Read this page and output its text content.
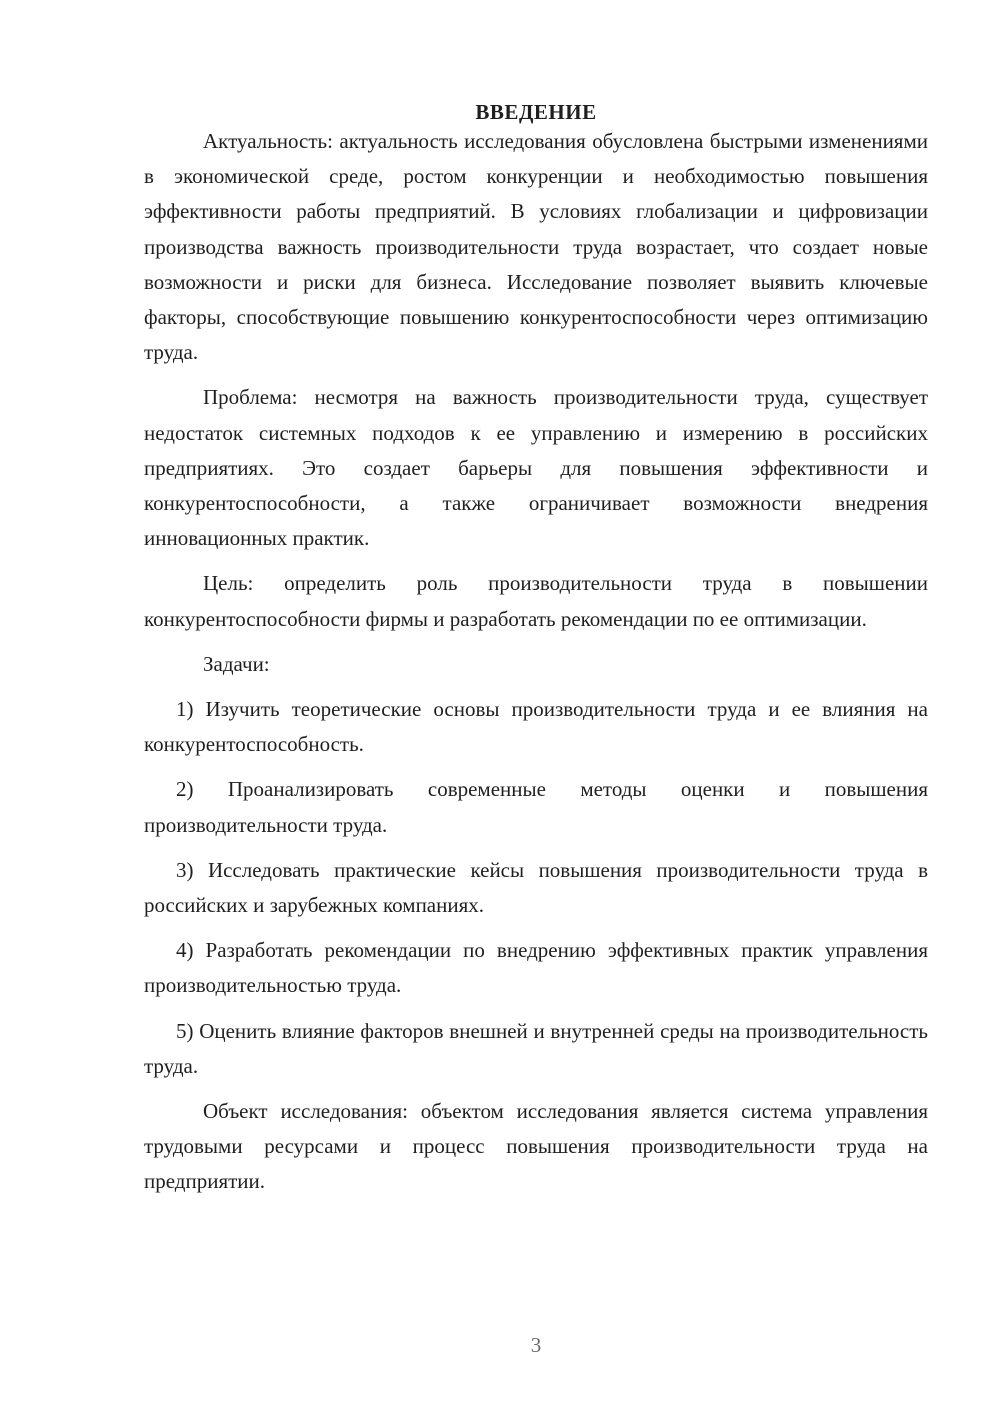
ВВЕДЕНИЕ

Актуальность: актуальность исследования обусловлена быстрыми изменениями в экономической среде, ростом конкуренции и необходимостью повышения эффективности работы предприятий. В условиях глобализации и цифровизации производства важность производительности труда возрастает, что создает новые возможности и риски для бизнеса. Исследование позволяет выявить ключевые факторы, способствующие повышению конкурентоспособности через оптимизацию труда.

Проблема: несмотря на важность производительности труда, существует недостаток системных подходов к ее управлению и измерению в российских предприятиях. Это создает барьеры для повышения эффективности и конкурентоспособности, а также ограничивает возможности внедрения инновационных практик.

Цель: определить роль производительности труда в повышении конкурентоспособности фирмы и разработать рекомендации по ее оптимизации.

Задачи:

1) Изучить теоретические основы производительности труда и ее влияния на конкурентоспособность.

2) Проанализировать современные методы оценки и повышения производительности труда.

3) Исследовать практические кейсы повышения производительности труда в российских и зарубежных компаниях.

4) Разработать рекомендации по внедрению эффективных практик управления производительностью труда.

5) Оценить влияние факторов внешней и внутренней среды на производительность труда.

Объект исследования: объектом исследования является система управления трудовыми ресурсами и процесс повышения производительности труда на предприятии.

3
